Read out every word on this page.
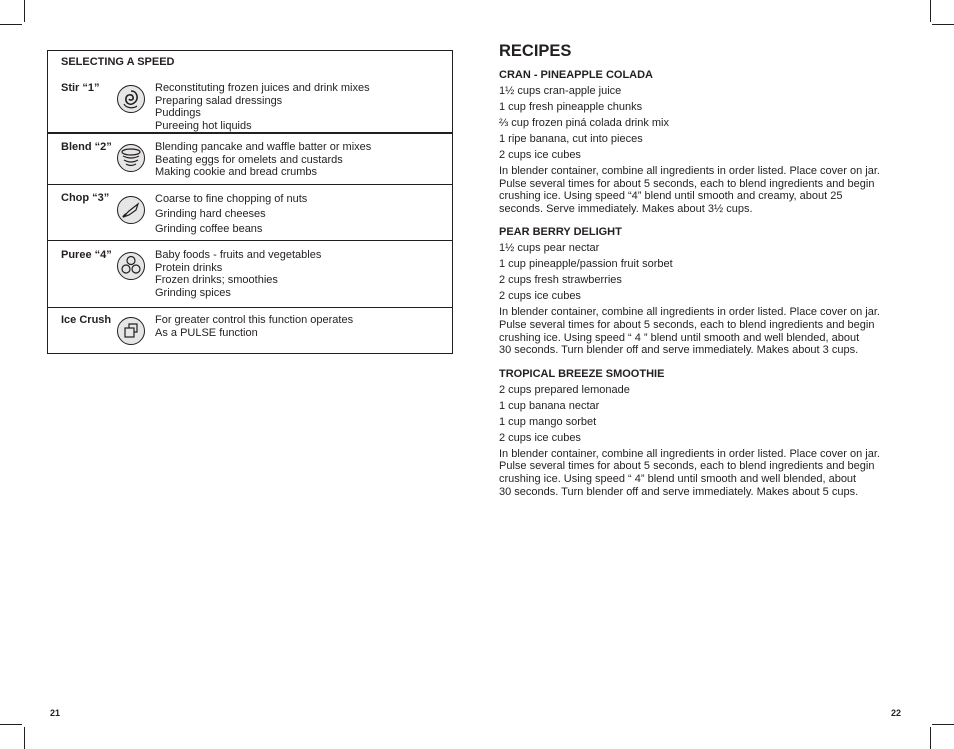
SELECTING A SPEED
Stir “1”	Reconstituting frozen juices and drink mixes
Preparing salad dressings
Puddings
Pureeing hot liquids
Blend “2”	Blending pancake and waffle batter or mixes
Beating eggs for omelets and custards
Making cookie and bread crumbs
Chop “3”	Coarse to fine chopping of nuts
Grinding hard cheeses
Grinding coffee beans
Puree “4”	Baby foods - fruits and vegetables
Protein drinks
Frozen drinks; smoothies
Grinding spices
Ice Crush	For greater control this function operates
As a PULSE function
RECIPES
CRAN - PINEAPPLE COLADA
1½ cups cran-apple juice
1 cup fresh pineapple chunks
⅔ cup frozen piná colada drink mix
1 ripe banana, cut into pieces
2 cups ice cubes
In blender container, combine all ingredients in order listed. Place cover on jar.
Pulse several times for about 5 seconds, each to blend ingredients and begin
crushing ice. Using speed “4” blend until smooth and creamy, about 25
seconds. Serve immediately. Makes about 3½ cups.
PEAR BERRY DELIGHT
1½ cups pear nectar
1 cup pineapple/passion fruit sorbet
2 cups fresh strawberries
2 cups ice cubes
In blender container, combine all ingredients in order listed. Place cover on jar.
Pulse several times for about 5 seconds, each to blend ingredients and begin
crushing ice. Using speed “ 4 ” blend until smooth and well blended, about
30 seconds. Turn blender off and serve immediately. Makes about 3 cups.
TROPICAL BREEZE SMOOTHIE
2 cups prepared lemonade
1 cup banana nectar
1 cup mango sorbet
2 cups ice cubes
In blender container, combine all ingredients in order listed. Place cover on jar.
Pulse several times for about 5 seconds, each to blend ingredients and begin
crushing ice. Using speed “ 4” blend until smooth and well blended, about
30 seconds. Turn blender off and serve immediately. Makes about 5 cups.
21	22
